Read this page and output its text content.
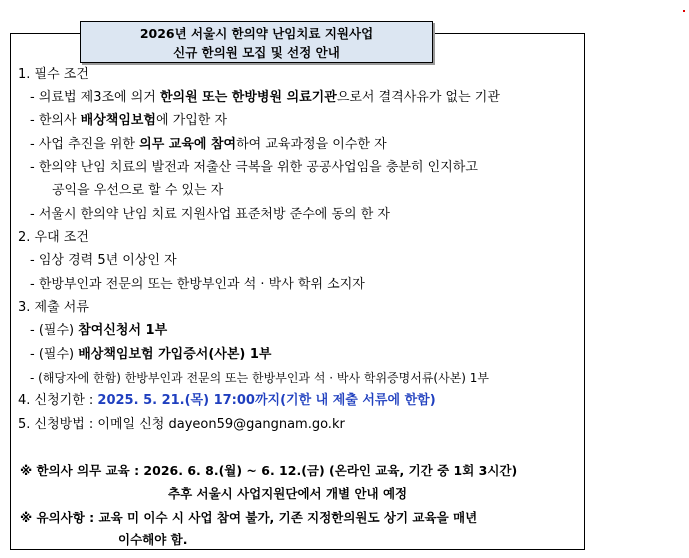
2026년 서울시 한의약 난임치료 지원사업
신규 한의원 모집 및 선정 안내
1. 필수 조건
- 의료법 제3조에 의거 한의원 또는 한방병원 의료기관으로서 결격사유가 없는 기관
- 한의사 배상책임보험에 가입한 자
- 사업 추진을 위한 의무 교육에 참여하여 교육과정을 이수한 자
- 한의약 난임 치료의 발전과 저출산 극복을 위한 공공사업임을 충분히 인지하고
공익을 우선으로 할 수 있는 자
- 서울시 한의약 난임 치료 지원사업 표준처방 준수에 동의 한 자
2. 우대 조건
- 임상 경력 5년 이상인 자
- 한방부인과 전문의 또는 한방부인과 석 · 박사 학위 소지자
3. 제출 서류
- (필수) 참여신청서 1부
- (필수) 배상책임보험 가입증서(사본) 1부
- (해당자에 한함) 한방부인과 전문의 또는 한방부인과 석 · 박사 학위증명서류(사본) 1부
4. 신청기한 : 2025. 5. 21.(목) 17:00까지(기한 내 제출 서류에 한함)
5. 신청방법 : 이메일 신청 dayeon59@gangnam.go.kr
※ 한의사 의무 교육 : 2026. 6. 8.(월) ~ 6. 12.(금) (온라인 교육, 기간 중 1회 3시간)
추후 서울시 사업지원단에서 개별 안내 예정
※ 유의사항 : 교육 미 이수 시 사업 참여 불가, 기존 지정한의원도 상기 교육을 매년
이수해야 함.
